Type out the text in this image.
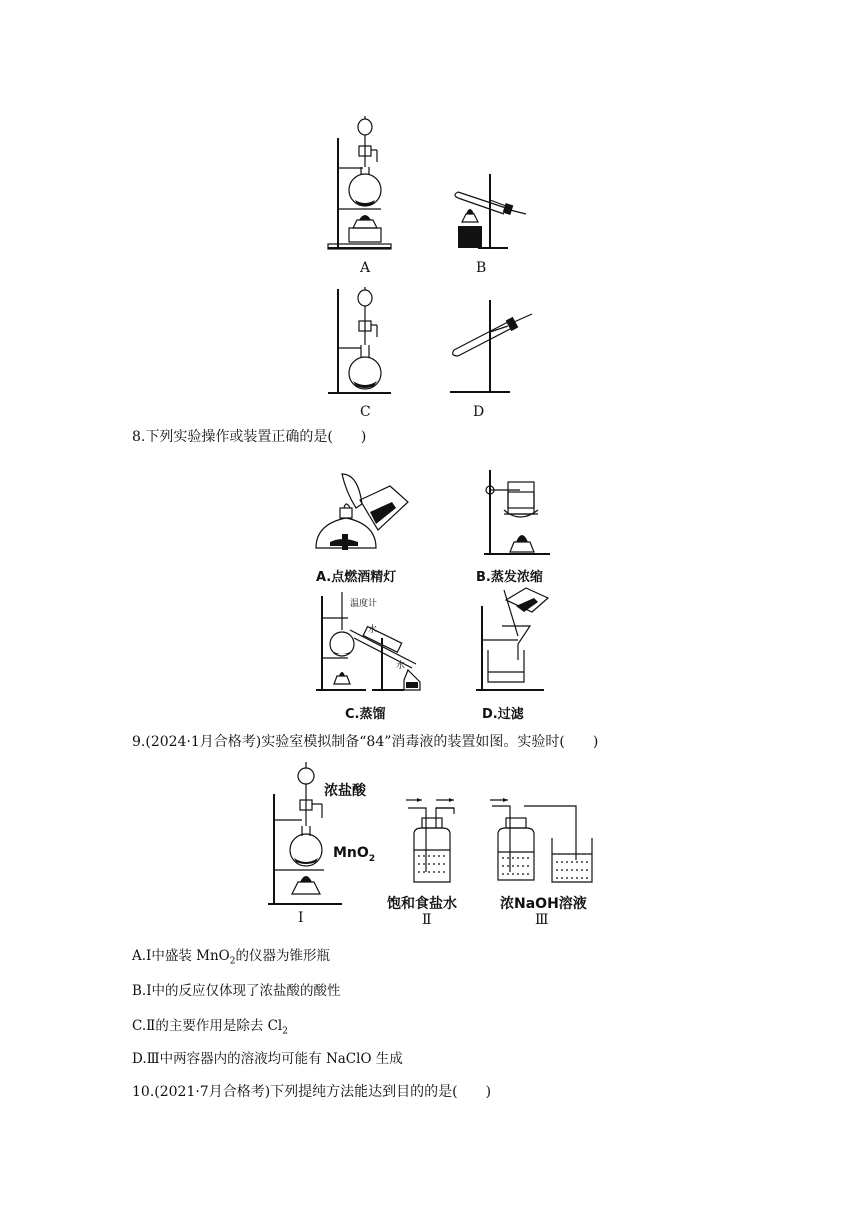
A	B
C	D
8.下列实验操作或装置正确的是(　　)
A.点燃酒精灯	B.蒸发浓缩
温度计
水
水
C.蒸馏	D.过滤
9.(2024·1月合格考)实验室模拟制备“84”消毒液的装置如图。实验时(　　)
浓盐酸
MnO$_2$
Ⅰ
饱和食盐水
Ⅱ
浓NaOH溶液
Ⅲ
A.Ⅰ中盛装 MnO$_2$的仪器为锥形瓶
B.Ⅰ中的反应仅体现了浓盐酸的酸性
C.Ⅱ的主要作用是除去 $Cl_2$
D.Ⅲ中两容器内的溶液均可能有 NaClO 生成
10.(2021·7月合格考)下列提纯方法能达到目的的是(　　)
